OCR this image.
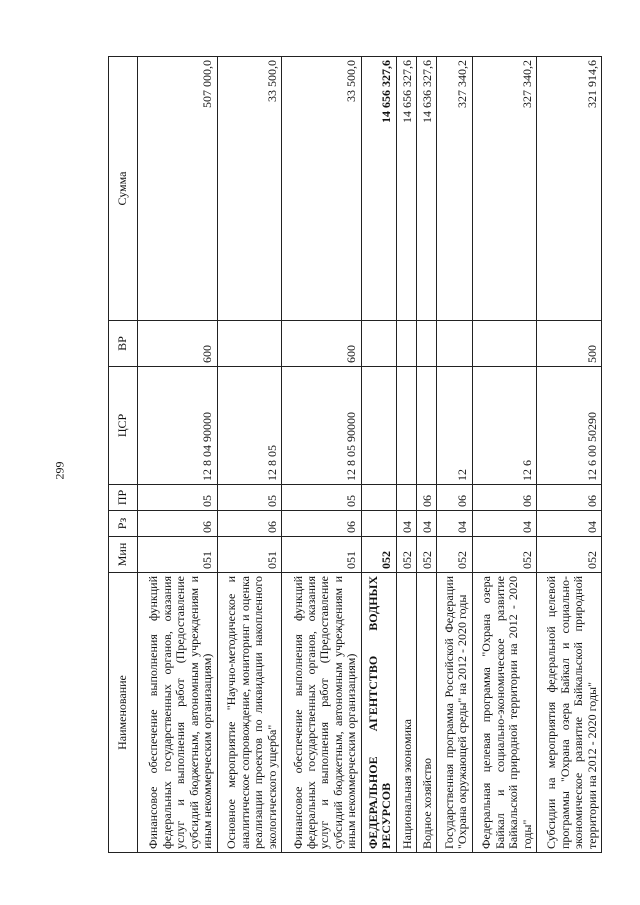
299
Наименование	Мин	Рз	ПР	ЦСР	ВР	Сумма
Финансовое обеспечение выполнения функций федеральных государственных органов, оказания услуг и выполнения работ (Предоставление субсидий бюджетным, автономным учреждениям и иным некоммерческим организациям)	051	06	05	12 8 04 90000	600	507 000,0
Основное мероприятие "Научно-методическое и аналитическое сопровождение, мониторинг и оценка реализации проектов по ликвидации накопленного экологического ущерба"	051	06	05	12 8 05		33 500,0
Финансовое обеспечение выполнения функций федеральных государственных органов, оказания услуг и выполнения работ (Предоставление субсидий бюджетным, автономным учреждениям и иным некоммерческим организациям)	051	06	05	12 8 05 90000	600	33 500,0
ФЕДЕРАЛЬНОЕ АГЕНТСТВО ВОДНЫХ РЕСУРСОВ	052					14 656 327,6
Национальная экономика	052	04				14 656 327,6
Водное хозяйство	052	04	06			14 636 327,6
Государственная программа Российской Федерации "Охрана окружающей среды" на 2012 - 2020 годы	052	04	06	12		327 340,2
Федеральная целевая программа "Охрана озера Байкал и социально-экономическое развитие Байкальской природной территории на 2012 - 2020 годы"	052	04	06	12 6		327 340,2
Субсидии на мероприятия федеральной целевой программы "Охрана озера Байкал и социально-экономическое развитие Байкальской природной территории на 2012 - 2020 годы"	052	04	06	12 6 00 50290	500	321 914,6
